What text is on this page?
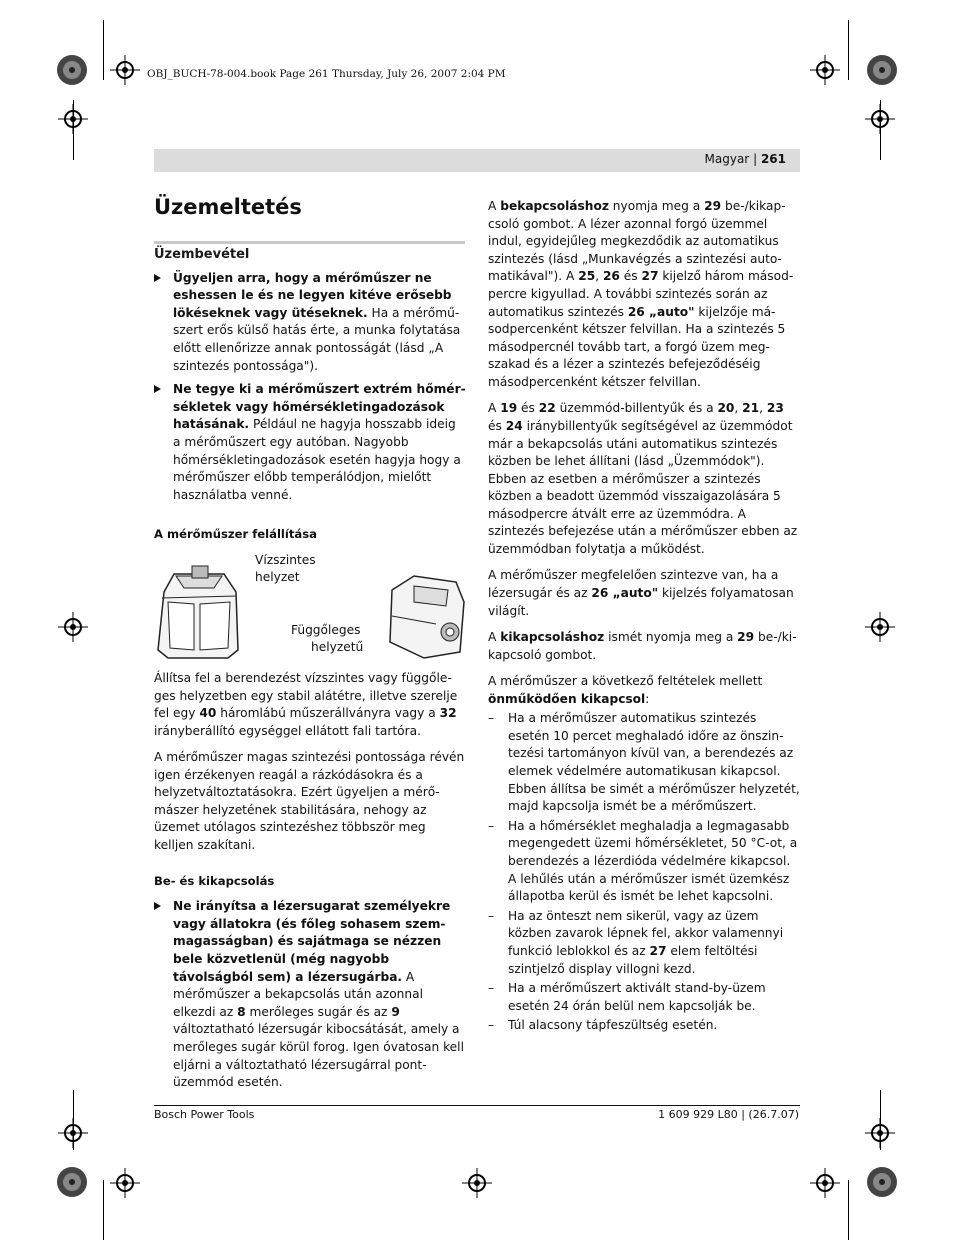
OBJ_BUCH-78-004.book Page 261 Thursday, July 26, 2007 2:04 PM
Magyar | 261
Üzemeltetés
Üzembevétel
Ügyeljen arra, hogy a mérőműszer ne eshessen le és ne legyen kitéve erősebb lökéseknek vagy ütéseknek. Ha a mérőműszert erős külső hatás érte, a munka folytatása előtt ellenőrizze annak pontosságát (lásd „A szintezés pontossága").
Ne tegye ki a mérőműszert extrém hőmérsékletek vagy hőmérsékletingadozások hatásának. Például ne hagyja hosszabb ideig a mérőműszert egy autóban. Nagyobb hőmérsékletingadozások esetén hagyja hogy a mérőműszer előbb temperálódjon, mielőtt használatba venné.
A mérőműszer felállítása
Vízszintes
helyzet
Függőleges
helyzetű

Állítsa fel a berendezést vízszintes vagy függőleges helyzetben egy stabil alátétre, illetve szerelje fel egy 40 háromlábú műszerállványra vagy a 32 irányberállító egységgel ellátott fali tartóra.

A mérőműszer magas szintezési pontossága révén igen érzékenyen reagál a rázkódásokra és a helyzetváltoztatásokra. Ezért ügyeljen a mérőmászer helyzetének stabilitására, nehogy az üzemet utólagos szintezéshez többször meg kelljen szakítani.

Be- és kikapcsolás
Ne irányítsa a lézersugarat személyekre vagy állatokra (és főleg sohasem szemmagasságban) és sajátmaga se nézzen bele közvetlenül (még nagyobb távolságból sem) a lézersugárba. A mérőműszer a bekapcsolás után azonnal elkezdi az 8 merőleges sugár és az 9 változtatható lézersugár kibocsátását, amely a merőleges sugár körül forog. Igen óvatosan kell eljárni a változtatható lézersugárral pont-üzemmód esetén.

A bekapcsoláshoz nyomja meg a 29 be-/kikapcsoló gombot. A lézer azonnal forgó üzemmel indul, egyidejűleg megkezdődik az automatikus szintezés (lásd „Munkavégzés a szintezési automatikával"). A 25, 26 és 27 kijelző három másodpercre kigyullad. A további szintezés során az automatikus szintezés 26 „auto" kijelzője másodpercenként kétszer felvillan. Ha a szintezés 5 másodpercnél tovább tart, a forgó üzem megszakad és a lézer a szintezés befejeződéséig másodpercenként kétszer felvillan.

A 19 és 22 üzemmód-billentyűk és a 20, 21, 23 és 24 iránybillentyűk segítségével az üzemmódot már a bekapcsolás utáni automatikus szintezés közben be lehet állítani (lásd „Üzemmódok"). Ebben az esetben a mérőműszer a szintezés közben a beadott üzemmód visszaigazolására 5 másodpercre átvált erre az üzemmódra. A szintezés befejezése után a mérőműszer ebben az üzemmódban folytatja a működést.

A mérőműszer megfelelően szintezve van, ha a lézersugár és az 26 „auto" kijelzés folyamatosan világít.

A kikapcsoláshoz ismét nyomja meg a 29 be-/kikapcsoló gombot.

A mérőműszer a következő feltételek mellett önműködően kikapcsol:

– Ha a mérőműszer automatikus szintezés esetén 10 percet meghaladó időre az önszintezési tartományon kívül van, a berendezés az elemek védelmére automatikusan kikapcsol. Ebben állítsa be simét a mérőműszer helyzetét, majd kapcsolja ismét be a mérőműszert.
– Ha a hőmérséklet meghaladja a legmagasabb megengedett üzemi hőmérsékletet, 50 °C-ot, a berendezés a lézerdióda védelmére kikapcsol. A lehűlés után a mérőműszer ismét üzemkész állapotba kerül és ismét be lehet kapcsolni.
– Ha az önteszt nem sikerül, vagy az üzem közben zavarok lépnek fel, akkor valamennyi funkció leblokkol és az 27 elem feltöltési szintjelző display villogni kezd.
– Ha a mérőműszert aktivált stand-by-üzem esetén 24 órán belül nem kapcsolják be.
– Túl alacsony tápfeszültség esetén.
Bosch Power Tools	1 609 929 L80 | (26.7.07)
